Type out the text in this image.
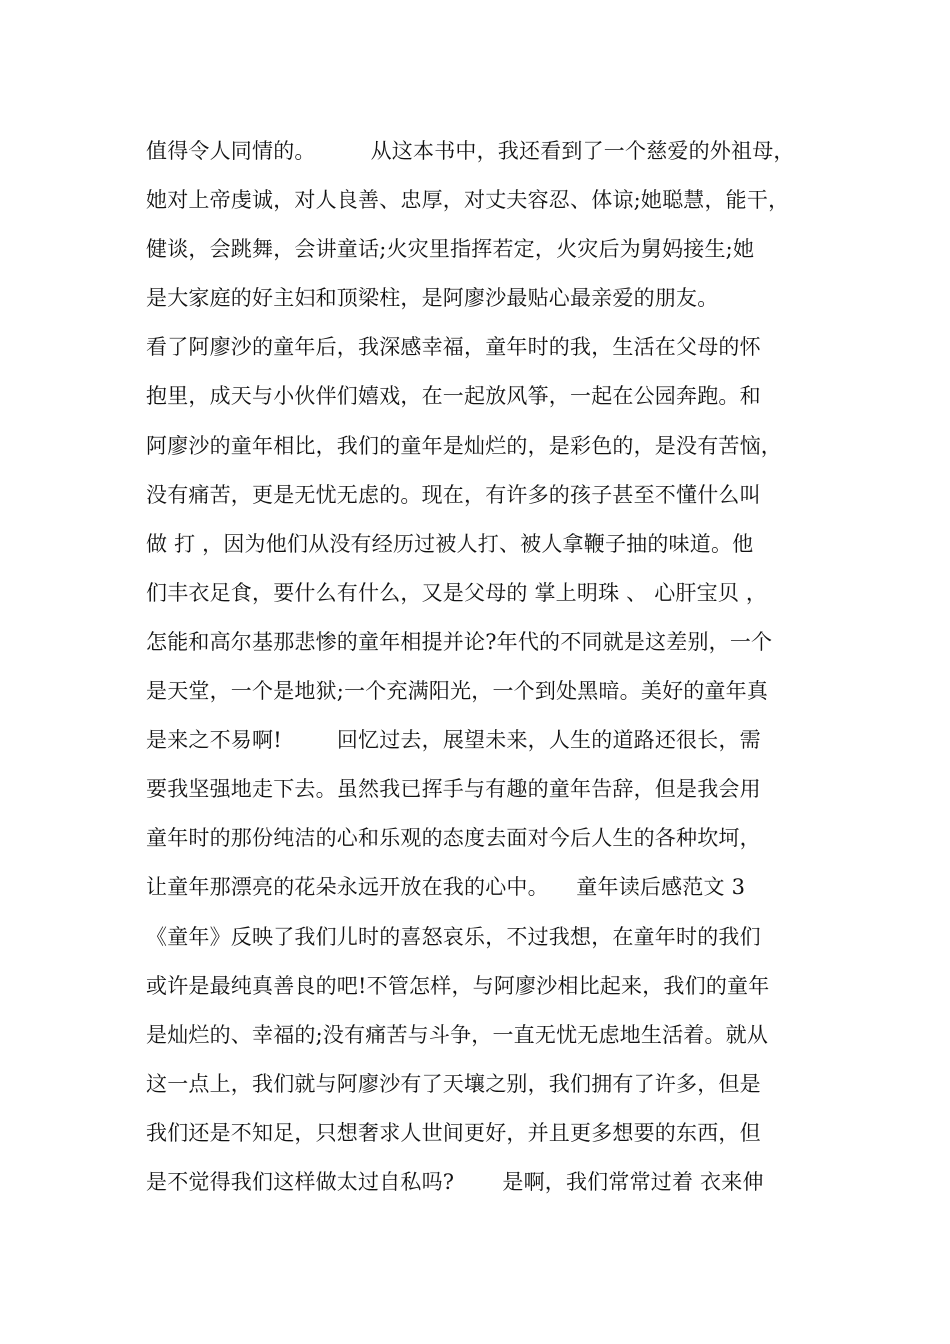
值得令人同情的。        从这本书中，我还看到了一个慈爱的外祖母，
她对上帝虔诚，对人良善、忠厚，对丈夫容忍、体谅;她聪慧，能干，
健谈，会跳舞，会讲童话;火灾里指挥若定，火灾后为舅妈接生;她
是大家庭的好主妇和顶梁柱，是阿廖沙最贴心最亲爱的朋友。
看了阿廖沙的童年后，我深感幸福，童年时的我，生活在父母的怀
抱里，成天与小伙伴们嬉戏，在一起放风筝，一起在公园奔跑。和
阿廖沙的童年相比，我们的童年是灿烂的，是彩色的，是没有苦恼，
没有痛苦，更是无忧无虑的。现在，有许多的孩子甚至不懂什么叫
做 打 ，因为他们从没有经历过被人打、被人拿鞭子抽的味道。他
们丰衣足食，要什么有什么，又是父母的 掌上明珠 、 心肝宝贝 ，
怎能和高尔基那悲惨的童年相提并论?年代的不同就是这差别，一个
是天堂，一个是地狱;一个充满阳光，一个到处黑暗。美好的童年真
是来之不易啊!        回忆过去，展望未来，人生的道路还很长，需
要我坚强地走下去。虽然我已挥手与有趣的童年告辞，但是我会用
童年时的那份纯洁的心和乐观的态度去面对今后人生的各种坎坷，
让童年那漂亮的花朵永远开放在我的心中。    童年读后感范文 3
《童年》反映了我们儿时的喜怒哀乐，不过我想，在童年时的我们
或许是最纯真善良的吧!不管怎样，与阿廖沙相比起来，我们的童年
是灿烂的、幸福的;没有痛苦与斗争，一直无忧无虑地生活着。就从
这一点上，我们就与阿廖沙有了天壤之别，我们拥有了许多，但是
我们还是不知足，只想奢求人世间更好，并且更多想要的东西，但
是不觉得我们这样做太过自私吗?       是啊，我们常常过着 衣来伸
